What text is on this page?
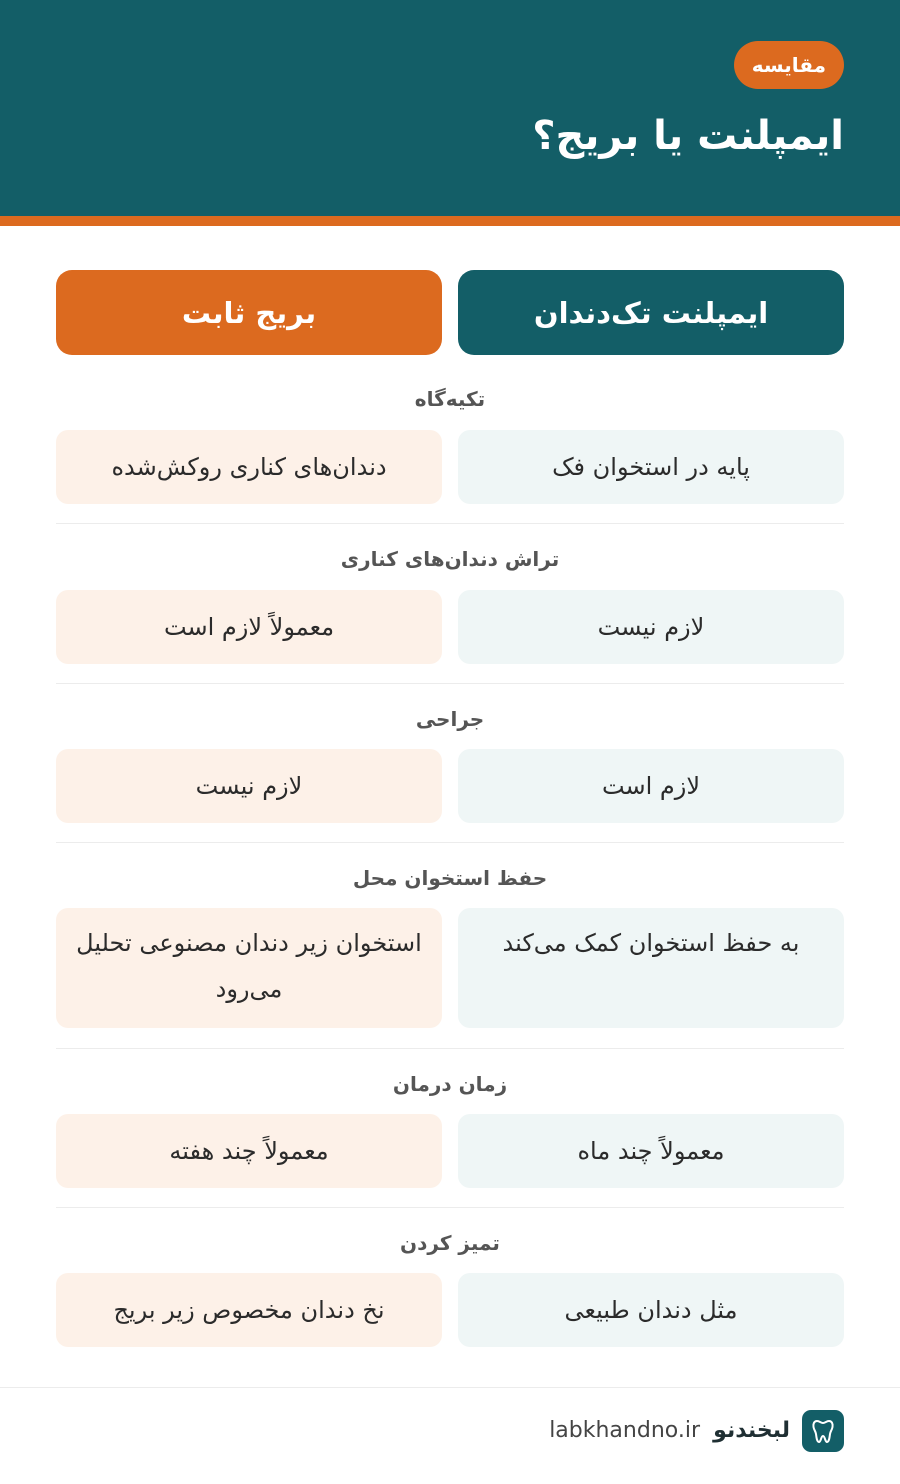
مقایسه
ایمپلنت یا بریج؟
ایمپلنت تک‌دندان
بریج ثابت
تکیه‌گاه
پایه در استخوان فک
دندان‌های کناری روکش‌شده
تراش دندان‌های کناری
لازم نیست
معمولاً لازم است
جراحی
لازم است
لازم نیست
حفظ استخوان محل
به حفظ استخوان کمک می‌کند
استخوان زیر دندان مصنوعی تحلیل می‌رود
زمان درمان
معمولاً چند ماه
معمولاً چند هفته
تمیز کردن
مثل دندان طبیعی
نخ دندان مخصوص زیر بریج
لبخندنو
labkhandno.ir
